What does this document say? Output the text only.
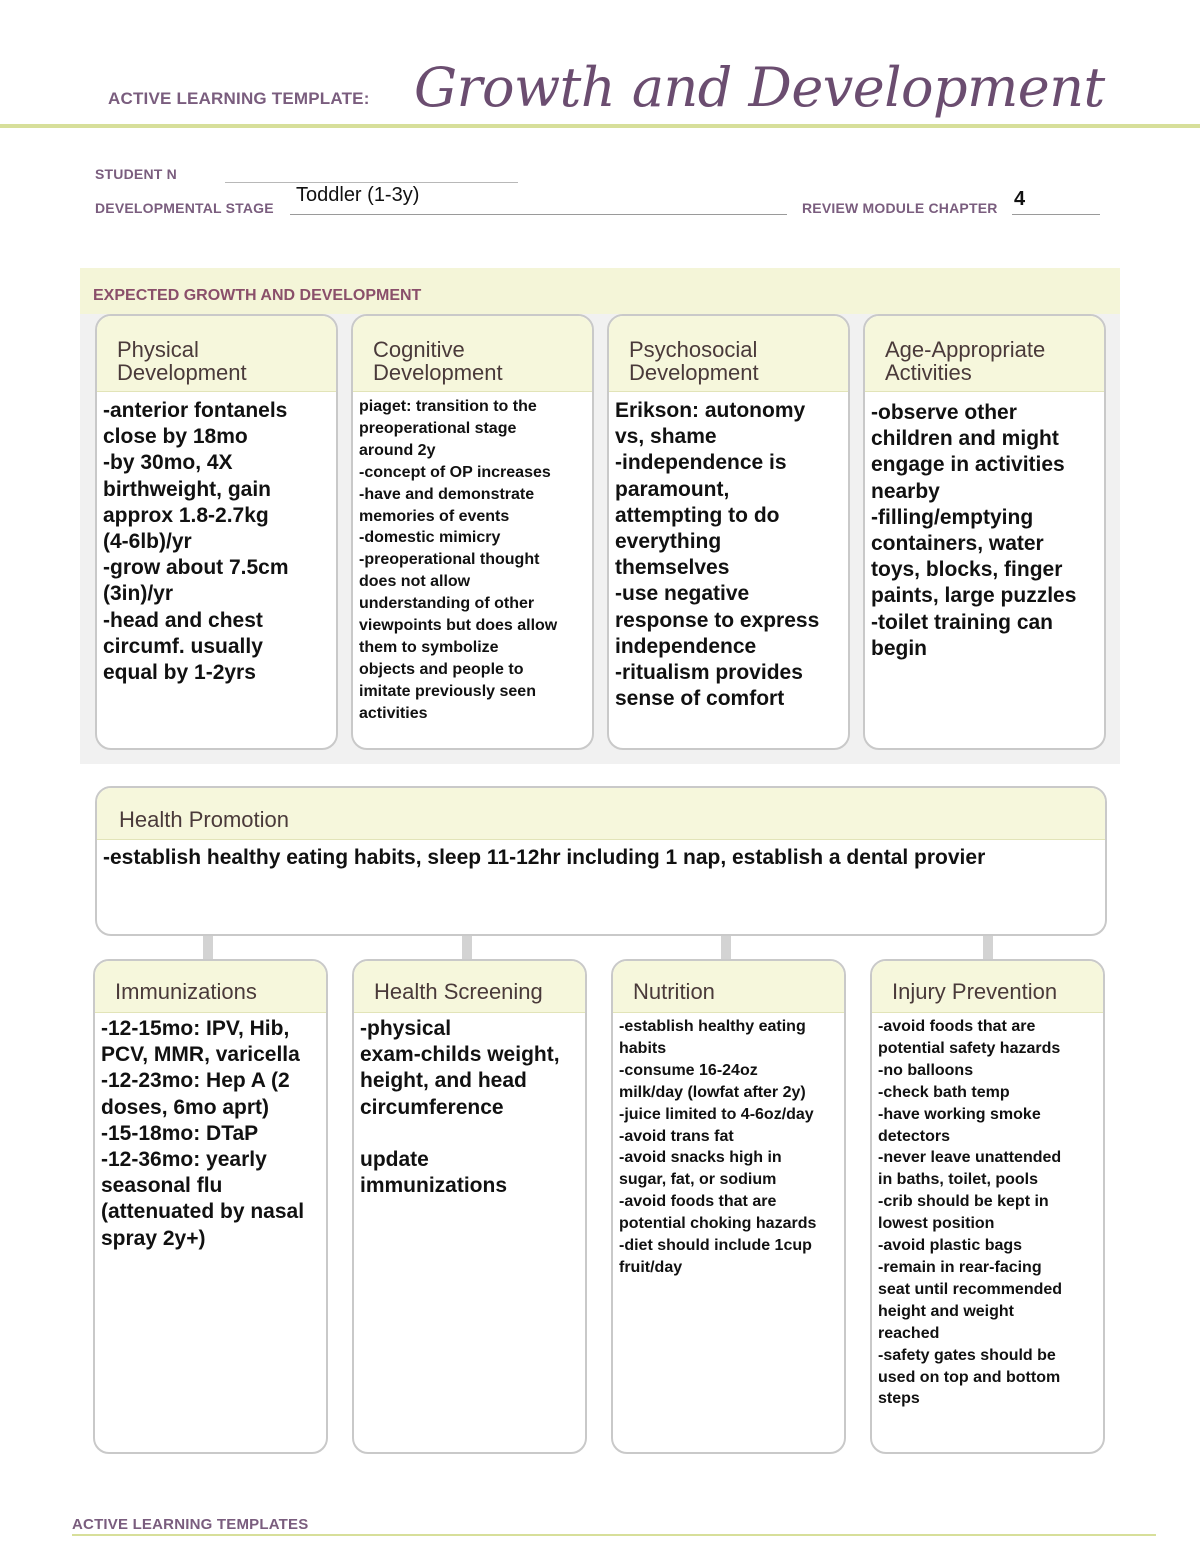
ACTIVE LEARNING TEMPLATE: Growth and Development
STUDENT N
DEVELOPMENTAL STAGE
Toddler (1-3y)
REVIEW MODULE CHAPTER 4
EXPECTED GROWTH AND DEVELOPMENT
Physical
Development
-anterior fontanels
close by 18mo
-by 30mo, 4X
birthweight, gain
approx 1.8-2.7kg
(4-6lb)/yr
-grow about 7.5cm
(3in)/yr
-head and chest
circumf. usually
equal by 1-2yrs
Cognitive
Development
piaget: transition to the
preoperational stage
around 2y
-concept of OP increases
-have and demonstrate
memories of events
-domestic mimicry
-preoperational thought
does not allow
understanding of other
viewpoints but does allow
them to symbolize
objects and people to
imitate previously seen
activities
Psychosocial
Development
Erikson: autonomy
vs, shame
-independence is
paramount,
attempting to do
everything
themselves
-use negative
response to express
independence
-ritualism provides
sense of comfort
Age-Appropriate
Activities
-observe other
children and might
engage in activities
nearby
-filling/emptying
containers, water
toys, blocks, finger
paints, large puzzles
-toilet training can
begin
Health Promotion
-establish healthy eating habits, sleep 11-12hr including 1 nap, establish a dental provier
Immunizations
-12-15mo: IPV, Hib,
PCV, MMR, varicella
-12-23mo: Hep A (2
doses, 6mo aprt)
-15-18mo: DTaP
-12-36mo: yearly
seasonal flu
(attenuated by nasal
spray 2y+)
Health Screening
-physical
exam-childs weight,
height, and head
circumference

update
immunizations
Nutrition
-establish healthy eating
habits
-consume 16-24oz
milk/day (lowfat after 2y)
-juice limited to 4-6oz/day
-avoid trans fat
-avoid snacks high in
sugar, fat, or sodium
-avoid foods that are
potential choking hazards
-diet should include 1cup
fruit/day
Injury Prevention
-avoid foods that are
potential safety hazards
-no balloons
-check bath temp
-have working smoke
detectors
-never leave unattended
in baths, toilet, pools
-crib should be kept in
lowest position
-avoid plastic bags
-remain in rear-facing
seat until recommended
height and weight
reached
-safety gates should be
used on top and bottom
steps
ACTIVE LEARNING TEMPLATES
